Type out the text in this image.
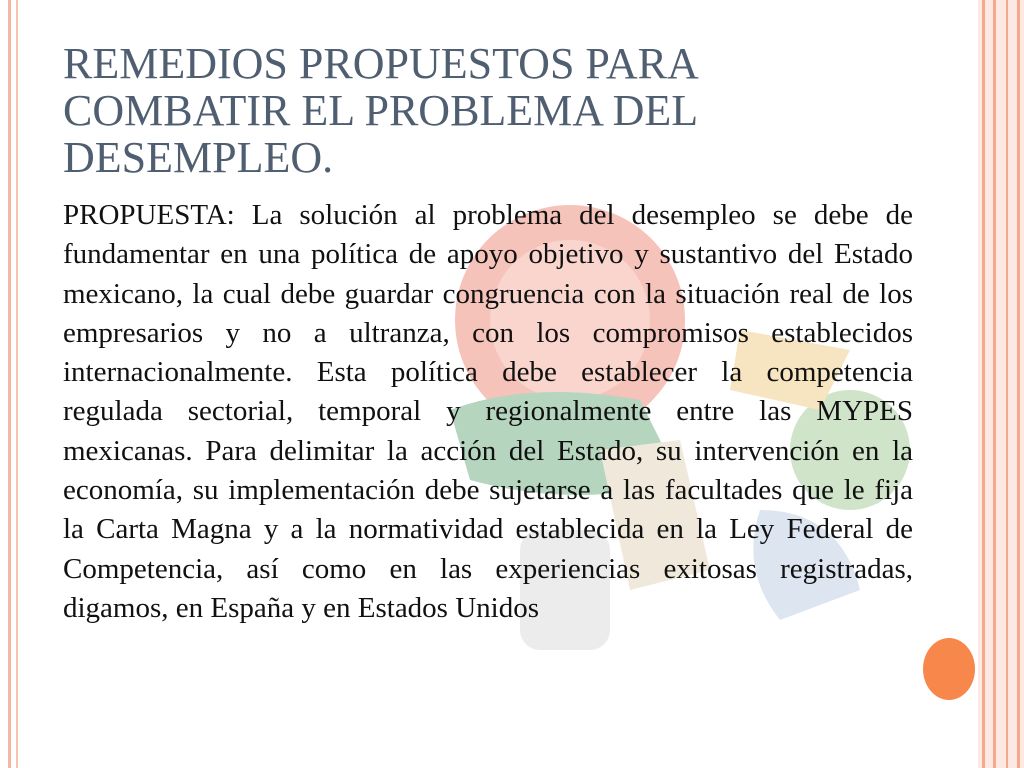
REMEDIOS PROPUESTOS PARA COMBATIR EL PROBLEMA DEL DESEMPLEO.

PROPUESTA: La solución al problema del desempleo se debe de fundamentar en una política de apoyo objetivo y sustantivo del Estado mexicano, la cual debe guardar congruencia con la situación real de los empresarios y no a ultranza, con los compromisos establecidos internacionalmente. Esta política debe establecer la competencia regulada sectorial, temporal y regionalmente entre las MYPES mexicanas. Para delimitar la acción del Estado, su intervención en la economía, su implementación debe sujetarse a las facultades que le fija la Carta Magna y a la normatividad establecida en la Ley Federal de Competencia, así como en las experiencias exitosas registradas, digamos, en España y en Estados Unidos
